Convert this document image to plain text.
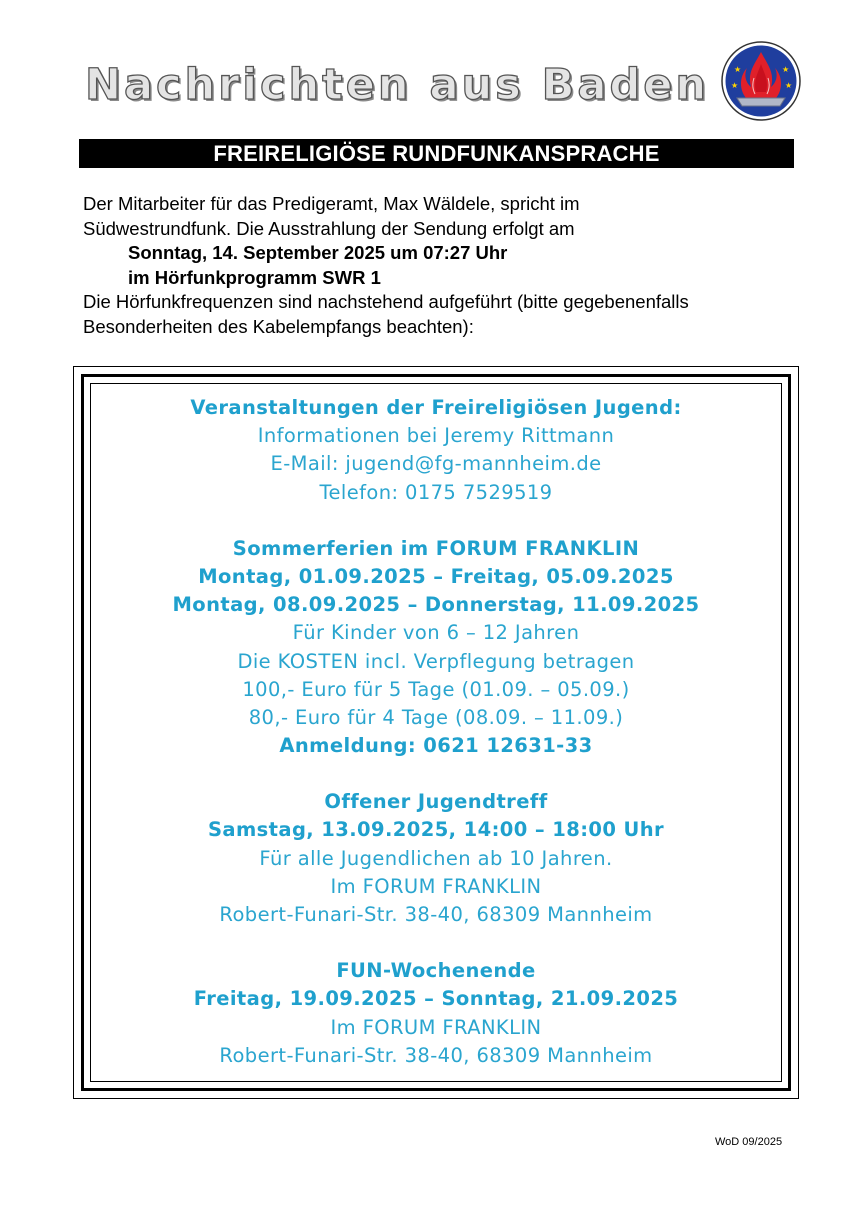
Nachrichten aus Baden	★	★
★	★
FREIRELIGIÖSE RUNDFUNKANSPRACHE

Der Mitarbeiter für das Predigeramt, Max Wäldele, spricht im

Südwestrundfunk. Die Ausstrahlung der Sendung erfolgt am

Sonntag, 14. September 2025 um 07:27 Uhr

im Hörfunkprogramm SWR 1

Die Hörfunkfrequenzen sind nachstehend aufgeführt (bitte gegebenenfalls

Besonderheiten des Kabelempfangs beachten):

Veranstaltungen der Freireligiösen Jugend:
Informationen bei Jeremy Rittmann
E-Mail: jugend@fg-mannheim.de
Telefon: 0175 7529519
Sommerferien im FORUM FRANKLIN
Montag, 01.09.2025 – Freitag, 05.09.2025
Montag, 08.09.2025 – Donnerstag, 11.09.2025
Für Kinder von 6 – 12 Jahren
Die KOSTEN incl. Verpflegung betragen
100,- Euro für 5 Tage (01.09. – 05.09.)
80,- Euro für 4 Tage (08.09. – 11.09.)
Anmeldung: 0621 12631-33
Offener Jugendtreff
Samstag, 13.09.2025, 14:00 – 18:00 Uhr
Für alle Jugendlichen ab 10 Jahren.
Im FORUM FRANKLIN
Robert-Funari-Str. 38-40, 68309 Mannheim
FUN-Wochenende
Freitag, 19.09.2025 – Sonntag, 21.09.2025
Im FORUM FRANKLIN
Robert-Funari-Str. 38-40, 68309 Mannheim
WoD 09/2025
